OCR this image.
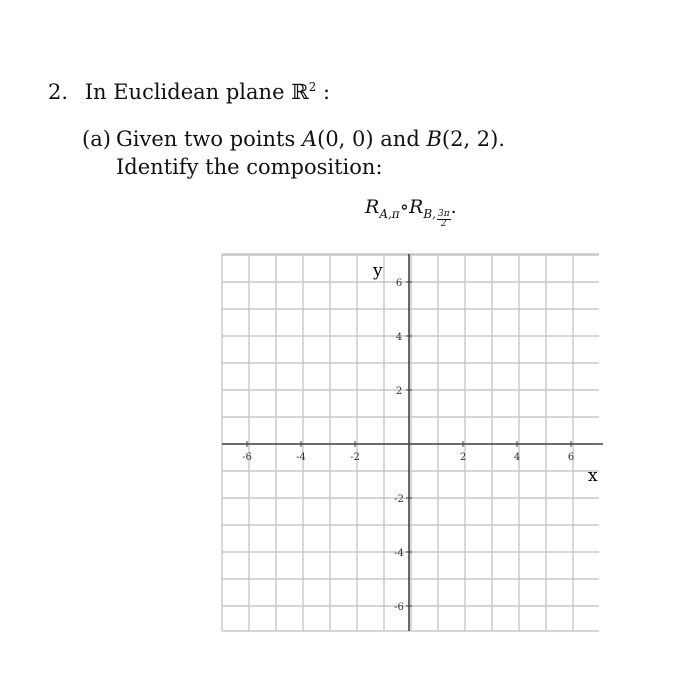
2. In Euclidean plane ℝ$^2$ :
(a) Given two points A(0, 0) and B(2, 2).
Identify the composition:
$R_{A,\pi}\circ R_{B, \frac{3\pi}{2}}$
.
-6	-4	-2	2	4	6
6
4
2
-2
-4
-6
y
x
